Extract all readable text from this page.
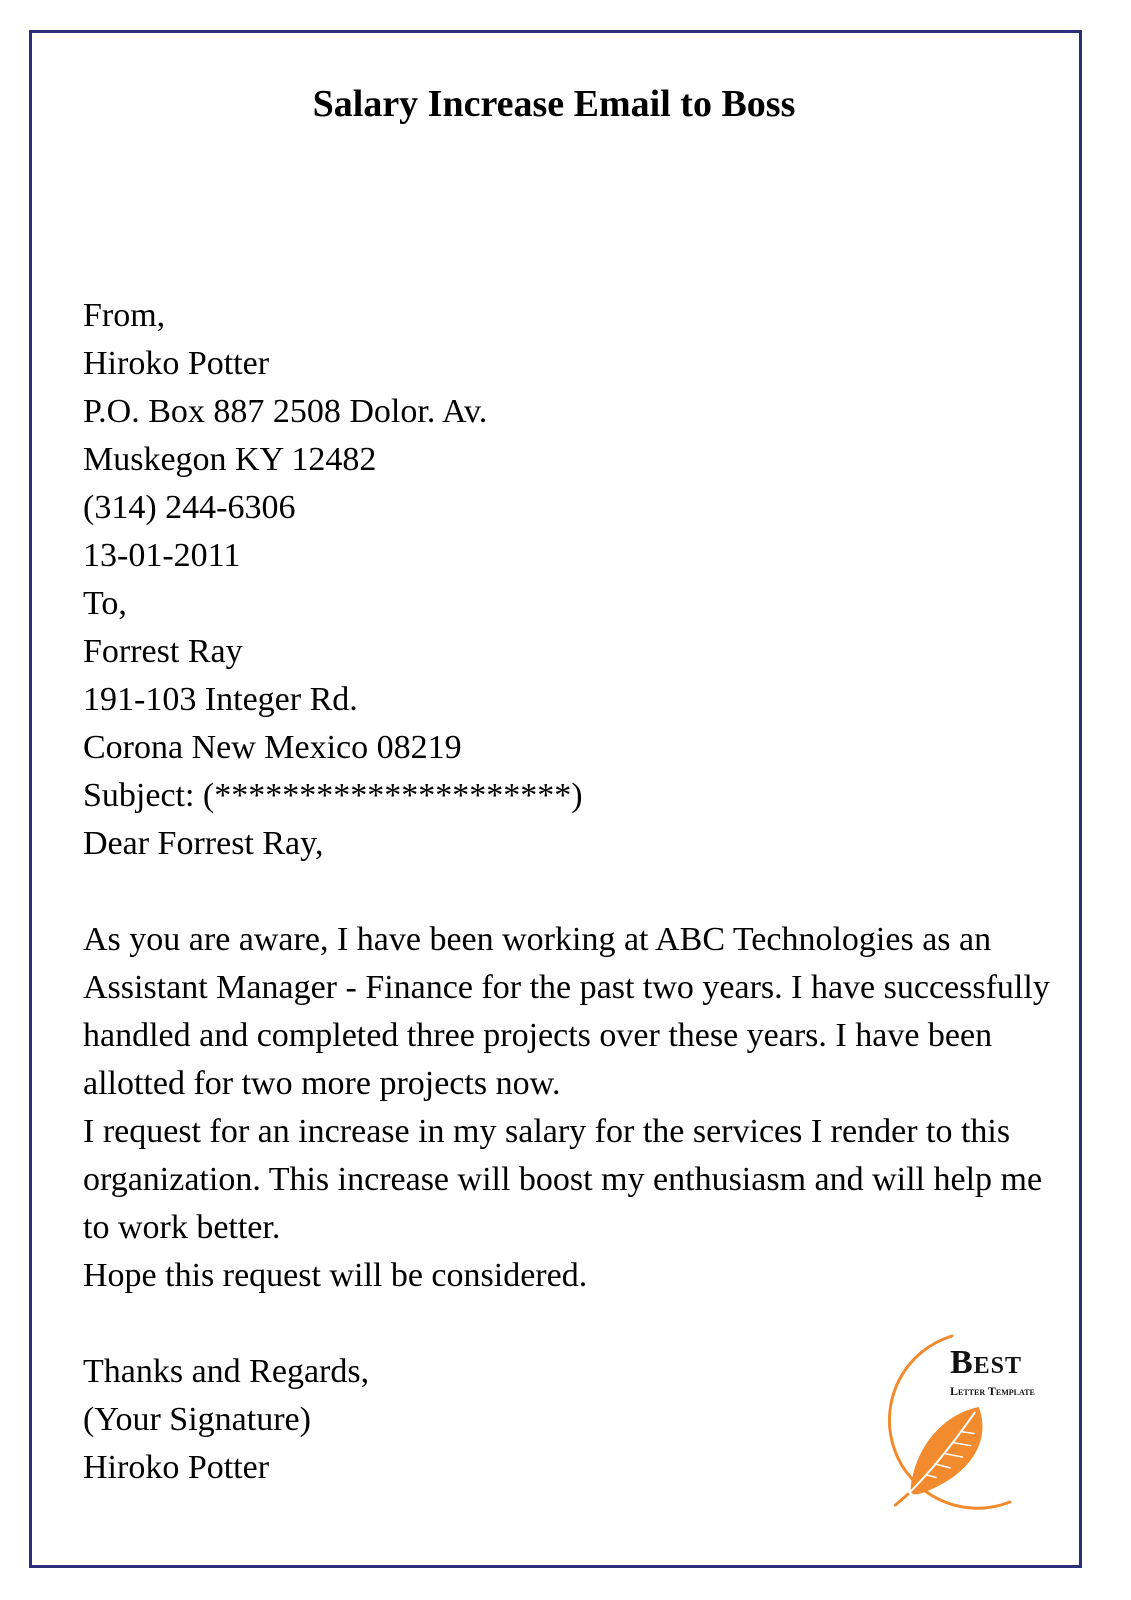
Salary Increase Email to Boss
From,
Hiroko Potter
P.O. Box 887 2508 Dolor. Av.
Muskegon KY 12482
(314) 244-6306
13-01-2011
To,
Forrest Ray
191-103 Integer Rd.
Corona New Mexico 08219
Subject: (*********************)
Dear Forrest Ray,
As you are aware, I have been working at ABC Technologies as an
Assistant Manager - Finance for the past two years. I have successfully
handled and completed three projects over these years. I have been
allotted for two more projects now.
I request for an increase in my salary for the services I render to this
organization. This increase will boost my enthusiasm and will help me
to work better.
Hope this request will be considered.
Thanks and Regards,
(Your Signature)
Hiroko Potter
Best
Letter Template
